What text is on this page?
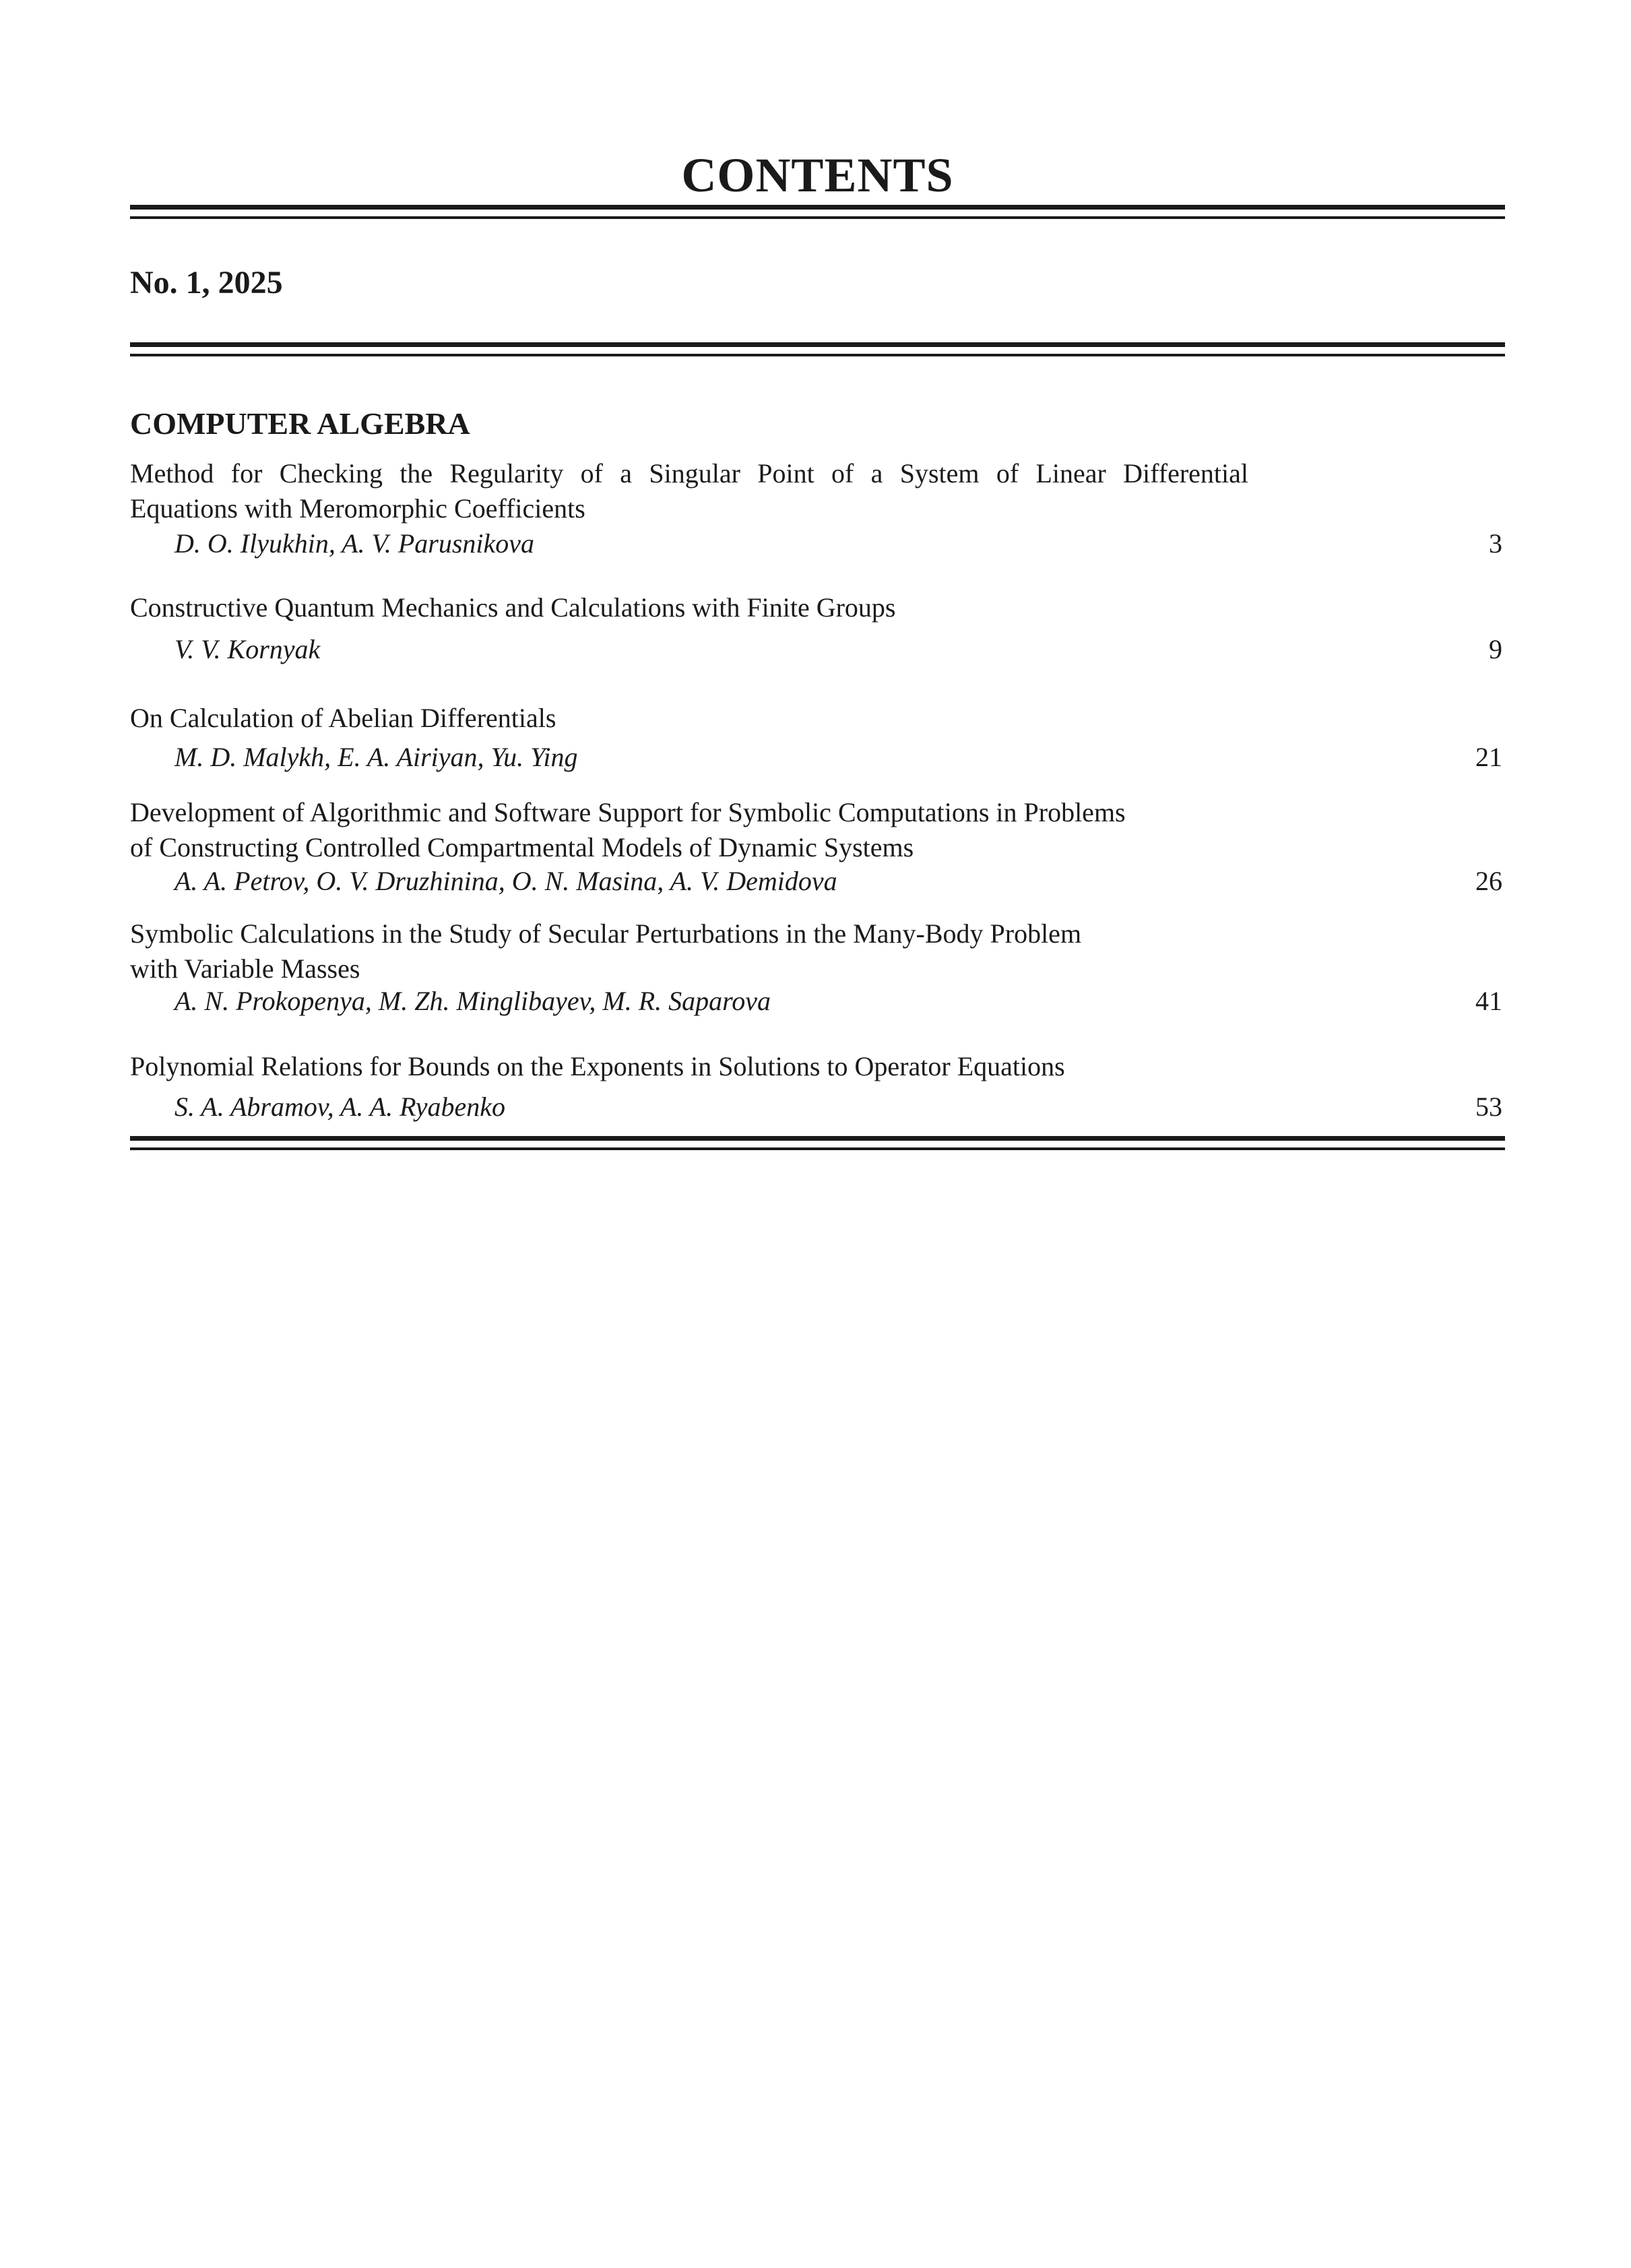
CONTENTS
No. 1, 2025
COMPUTER ALGEBRA
Method for Checking the Regularity of a Singular Point of a System of Linear Differential
Equations with Meromorphic Coefficients
D. O. Ilyukhin, A. V. Parusnikova	3
Constructive Quantum Mechanics and Calculations with Finite Groups
V. V. Kornyak	9
On Calculation of Abelian Differentials
M. D. Malykh, E. A. Airiyan, Yu. Ying	21
Development of Algorithmic and Software Support for Symbolic Computations in Problems
of Constructing Controlled Compartmental Models of Dynamic Systems
A. A. Petrov, O. V. Druzhinina, O. N. Masina, A. V. Demidova	26
Symbolic Calculations in the Study of Secular Perturbations in the Many-Body Problem
with Variable Masses
A. N. Prokopenya, M. Zh. Minglibayev, M. R. Saparova	41
Polynomial Relations for Bounds on the Exponents in Solutions to Operator Equations
S. A. Abramov, A. A. Ryabenko	53
